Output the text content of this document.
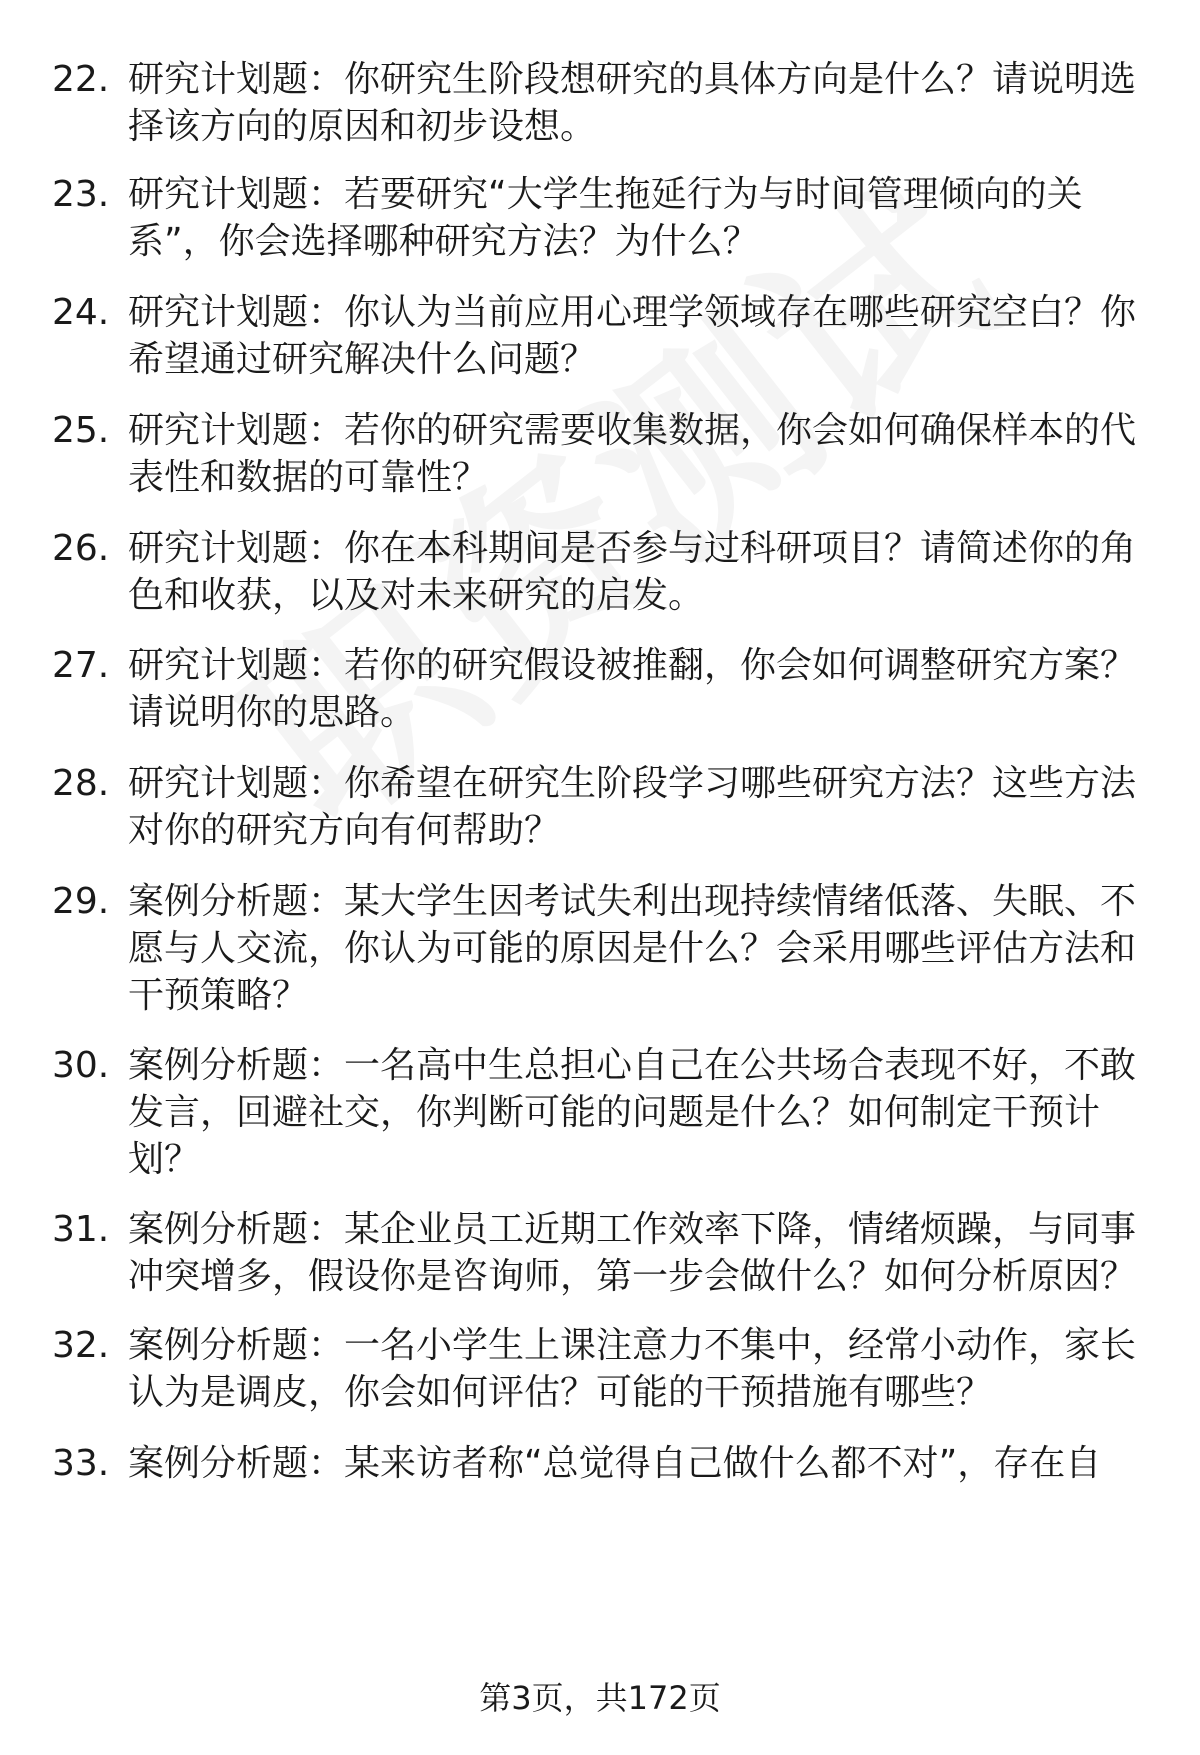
22. 研究计划题：你研究生阶段想研究的具体方向是什么？请说明选择该方向的原因和初步设想。
23. 研究计划题：若要研究“大学生拖延行为与时间管理倾向的关系”，你会选择哪种研究方法？为什么？
24. 研究计划题：你认为当前应用心理学领域存在哪些研究空白？你希望通过研究解决什么问题？
25. 研究计划题：若你的研究需要收集数据，你会如何确保样本的代表性和数据的可靠性？
26. 研究计划题：你在本科期间是否参与过科研项目？请简述你的角色和收获，以及对未来研究的启发。
27. 研究计划题：若你的研究假设被推翻，你会如何调整研究方案？请说明你的思路。
28. 研究计划题：你希望在研究生阶段学习哪些研究方法？这些方法对你的研究方向有何帮助？
29. 案例分析题：某大学生因考试失利出现持续情绪低落、失眠、不愿与人交流，你认为可能的原因是什么？会采用哪些评估方法和干预策略？
30. 案例分析题：一名高中生总担心自己在公共场合表现不好，不敢发言，回避社交，你判断可能的问题是什么？如何制定干预计划？
31. 案例分析题：某企业员工近期工作效率下降，情绪烦躁，与同事冲突增多，假设你是咨询师，第一步会做什么？如何分析原因？
32. 案例分析题：一名小学生上课注意力不集中，经常小动作，家长认为是调皮，你会如何评估？可能的干预措施有哪些？
33. 案例分析题：某来访者称“总觉得自己做什么都不对”，存在自
第3页，共172页
